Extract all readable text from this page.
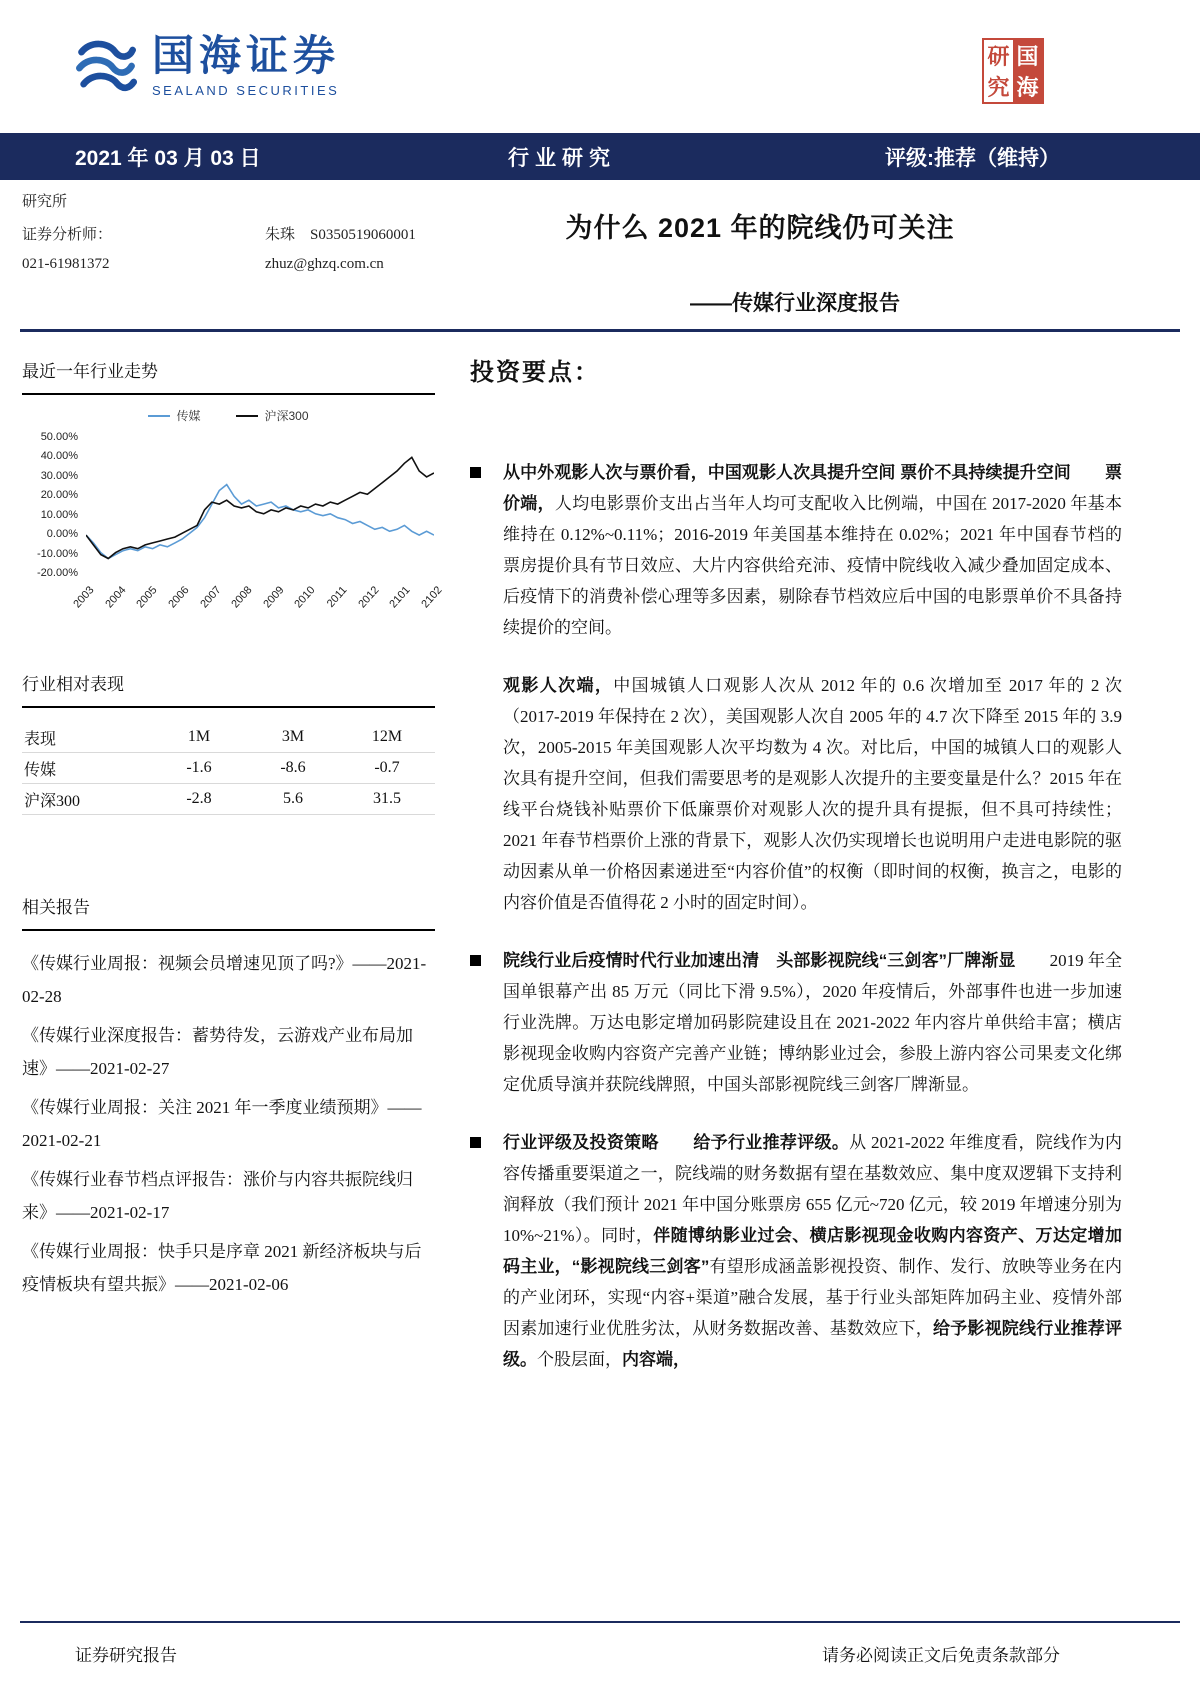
国海证券
SEALAND SECURITIES
研 国
究 海
2021 年 03 月 03 日	行业研究	评级:推荐（维持）
研究所
证券分析师：	朱珠　 S0350519060001
021-61981372	zhuz@ghzq.com.cn
为什么 2021 年的院线仍可关注
——传媒行业深度报告
最近一年行业走势
传媒	沪深300
50.00%
40.00%
30.00%
20.00%
10.00%
0.00%
-10.00%
-20.00%
2003 2004 2005 2006 2007 2008 2009 2010 2011 2012 2101 2102
行业相对表现
表现	1M	3M	12M
传媒	-1.6	-8.6	-0.7
沪深300	-2.8	5.6	31.5
相关报告
《传媒行业周报：视频会员增速见顶了吗?》——2021-02-28
《传媒行业深度报告：蓄势待发，云游戏产业布局加速》——2021-02-27
《传媒行业周报：关注 2021 年一季度业绩预期》——2021-02-21
《传媒行业春节档点评报告：涨价与内容共振院线归来》——2021-02-17
《传媒行业周报：快手只是序章 2021 新经济板块与后疫情板块有望共振》——2021-02-06
投资要点：

从中外观影人次与票价看，中国观影人次具提升空间 票价不具持续提升空间　　票价端，人均电影票价支出占当年人均可支配收入比例端，中国在 2017-2020 年基本维持在 0.12%~0.11%；2016-2019 年美国基本维持在 0.02%；2021 年中国春节档的票房提价具有节日效应、大片内容供给充沛、疫情中院线收入减少叠加固定成本、后疫情下的消费补偿心理等多因素，剔除春节档效应后中国的电影票单价不具备持续提价的空间。

观影人次端，中国城镇人口观影人次从 2012 年的 0.6 次增加至 2017 年的 2 次（2017-2019 年保持在 2 次），美国观影人次自 2005 年的 4.7 次下降至 2015 年的 3.9 次，2005-2015 年美国观影人次平均数为 4 次。对比后，中国的城镇人口的观影人次具有提升空间，但我们需要思考的是观影人次提升的主要变量是什么？2015 年在线平台烧钱补贴票价下低廉票价对观影人次的提升具有提振，但不具可持续性；2021 年春节档票价上涨的背景下，观影人次仍实现增长也说明用户走进电影院的驱动因素从单一价格因素递进至“内容价值”的权衡（即时间的权衡，换言之，电影的内容价值是否值得花 2 小时的固定时间）。

院线行业后疫情时代行业加速出清　头部影视院线“三剑客”厂牌渐显　　2019 年全国单银幕产出 85 万元（同比下滑 9.5%），2020 年疫情后，外部事件也进一步加速行业洗牌。万达电影定增加码影院建设且在 2021-2022 年内容片单供给丰富；横店影视现金收购内容资产完善产业链；博纳影业过会，参股上游内容公司果麦文化绑定优质导演并获院线牌照，中国头部影视院线三剑客厂牌渐显。

行业评级及投资策略　　给予行业推荐评级。从 2021-2022 年维度看，院线作为内容传播重要渠道之一，院线端的财务数据有望在基数效应、集中度双逻辑下支持利润释放（我们预计 2021 年中国分账票房 655 亿元~720 亿元，较 2019 年增速分别为 10%~21%）。同时，伴随博纳影业过会、横店影视现金收购内容资产、万达定增加码主业，“影视院线三剑客”有望形成涵盖影视投资、制作、发行、放映等业务在内的产业闭环，实现“内容+渠道”融合发展，基于行业头部矩阵加码主业、疫情外部因素加速行业优胜劣汰，从财务数据改善、基数效应下，给予影视院线行业推荐评级。个股层面，内容端，

证券研究报告	请务必阅读正文后免责条款部分
